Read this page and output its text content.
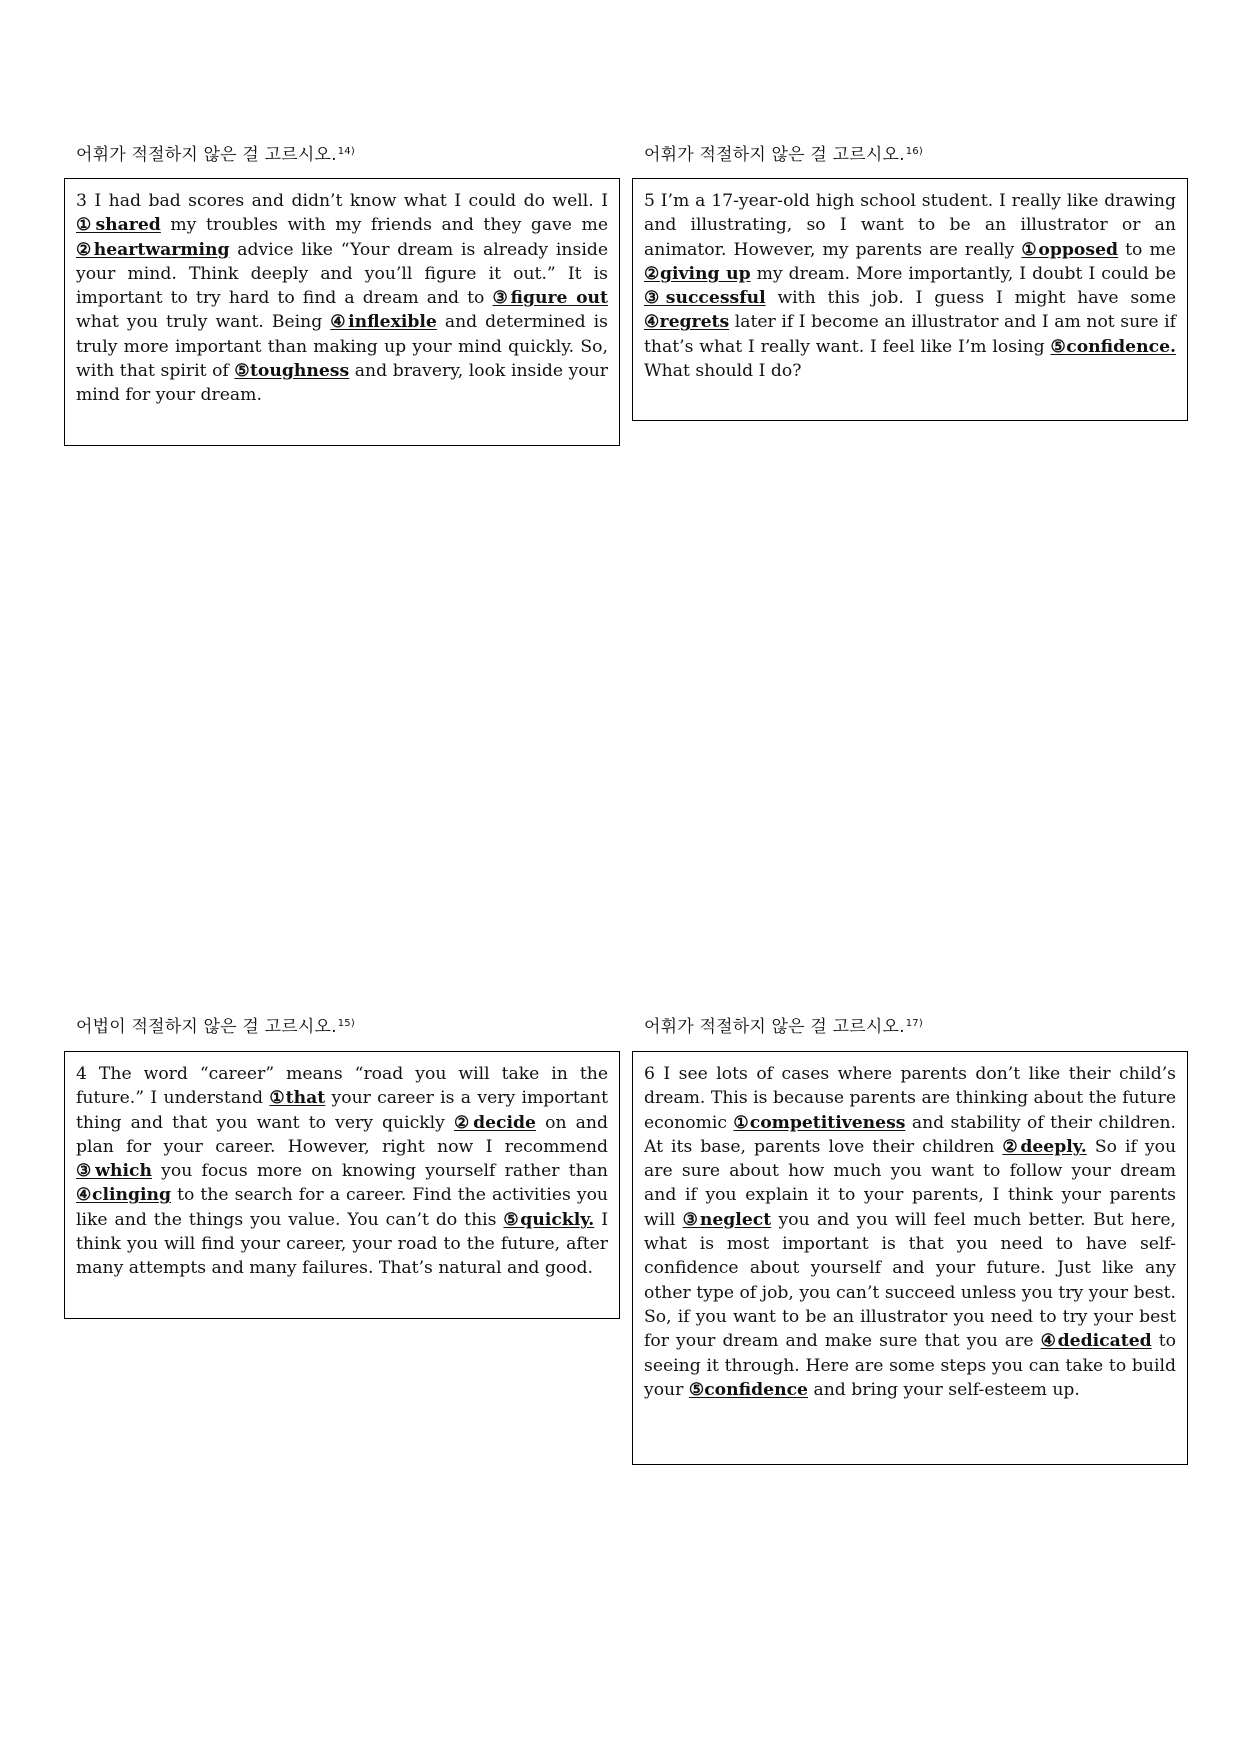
어휘가 적절하지 않은 걸 고르시오.$^{14)}$

3 I had bad scores and didn’t know what I could do well. I ①shared my troubles with my friends and they gave me ②heartwarming advice like “Your dream is already inside your mind. Think deeply and you’ll figure it out.” It is important to try hard to find a dream and to ③figure out what you truly want. Being ④inflexible and determined is truly more important than making up your mind quickly. So, with that spirit of ⑤toughness and bravery, look inside your mind for your dream.

어휘가 적절하지 않은 걸 고르시오.$^{16)}$

5 I’m a 17-year-old high school student. I really like drawing and illustrating, so I want to be an illustrator or an animator. However, my parents are really ①opposed to me ②giving up my dream. More importantly, I doubt I could be ③successful with this job. I guess I might have some ④regrets later if I become an illustrator and I am not sure if that’s what I really want. I feel like I’m losing ⑤confidence. What should I do?

어법이 적절하지 않은 걸 고르시오.$^{15)}$

4 The word “career” means “road you will take in the future.” I understand ①that your career is a very important thing and that you want to very quickly ②decide on and plan for your career. However, right now I recommend ③which you focus more on knowing yourself rather than ④clinging to the search for a career. Find the activities you like and the things you value. You can’t do this ⑤quickly. I think you will find your career, your road to the future, after many attempts and many failures. That’s natural and good.

어휘가 적절하지 않은 걸 고르시오.$^{17)}$

6 I see lots of cases where parents don’t like their child’s dream. This is because parents are thinking about the future economic ①competitiveness and stability of their children. At its base, parents love their children ②deeply. So if you are sure about how much you want to follow your dream and if you explain it to your parents, I think your parents will ③neglect you and you will feel much better. But here, what is most important is that you need to have self-confidence about yourself and your future. Just like any other type of job, you can’t succeed unless you try your best. So, if you want to be an illustrator you need to try your best for your dream and make sure that you are ④dedicated to seeing it through. Here are some steps you can take to build your ⑤confidence and bring your self-esteem up.
